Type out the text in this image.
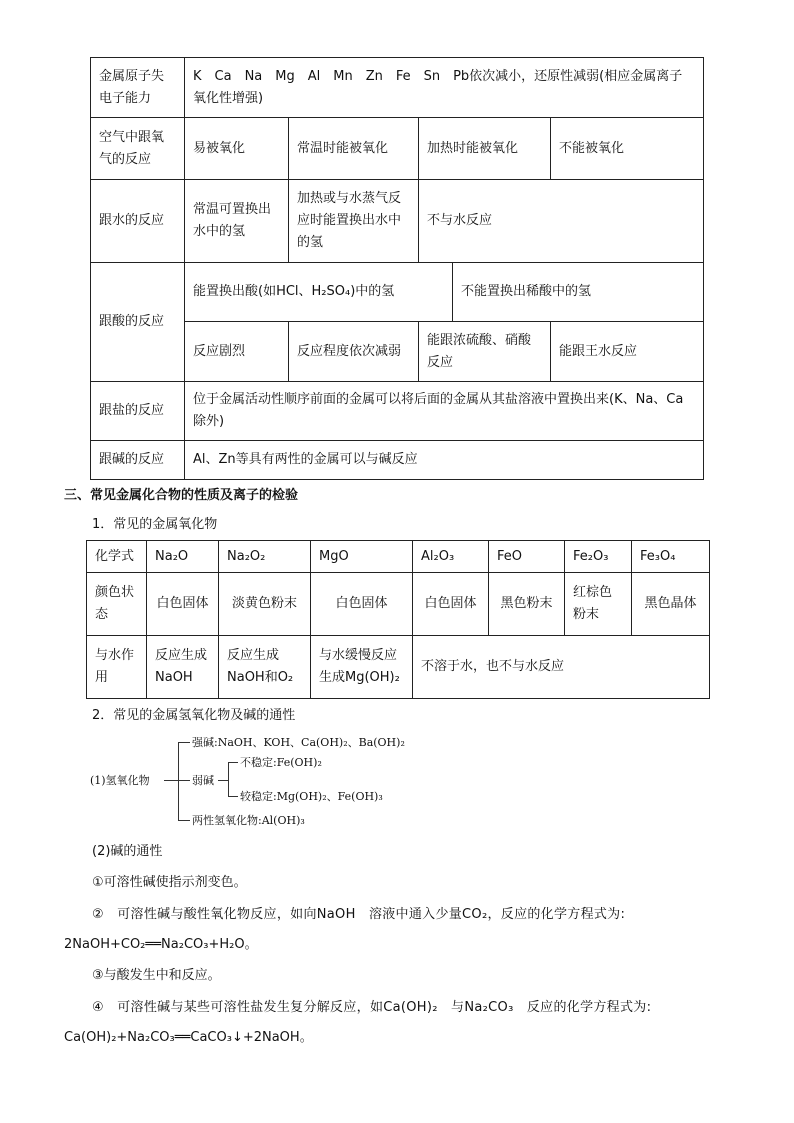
金属原子失电子能力	K　Ca　Na　Mg　Al　Mn　Zn　Fe　Sn　Pb依次减小，还原性减弱(相应金属离子氧化性增强)				
空气中跟氧气的反应	易被氧化	常温时能被氧化	加热时能被氧化		不能被氧化
跟水的反应	常温可置换出水中的氢	加热或与水蒸气反应时能置换出水中的氢	不与水反应		
跟酸的反应	能置换出酸(如HCl、H₂SO₄)中的氢			不能置换出稀酸中的氢	
	反应剧烈	反应程度依次减弱	能跟浓硫酸、硝酸反应		能跟王水反应
跟盐的反应	位于金属活动性顺序前面的金属可以将后面的金属从其盐溶液中置换出来(K、Na、Ca除外)				
跟碱的反应	Al、Zn等具有两性的金属可以与碱反应				
三、常见金属化合物的性质及离子的检验
1．常见的金属氧化物
化学式	Na₂O	Na₂O₂	MgO	Al₂O₃	FeO	Fe₂O₃	Fe₃O₄
颜色状态	白色固体	淡黄色粉末	白色固体	白色固体	黑色粉末	红棕色粉末	黑色晶体
与水作用	反应生成NaOH	反应生成NaOH和O₂	与水缓慢反应生成Mg(OH)₂	不溶于水，也不与水反应			
2．常见的金属氢氧化物及碱的通性
(1)氢氧化物
强碱:NaOH、KOH、Ca(OH)₂、Ba(OH)₂
弱碱
不稳定:Fe(OH)₂
较稳定:Mg(OH)₂、Fe(OH)₃
两性氢氧化物:Al(OH)₃
(2)碱的通性
①可溶性碱使指示剂变色。
②　可溶性碱与酸性氧化物反应，如向NaOH　溶液中通入少量CO₂，反应的化学方程式为:
2NaOH+CO₂══Na₂CO₃+H₂O。
③与酸发生中和反应。
④　可溶性碱与某些可溶性盐发生复分解反应，如Ca(OH)₂　与Na₂CO₃　反应的化学方程式为:
Ca(OH)₂+Na₂CO₃══CaCO₃↓+2NaOH。
